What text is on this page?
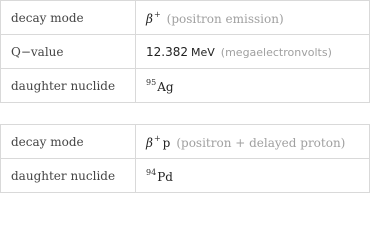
decay mode	β+ (positron emission)
Q−value	12.382 MeV (megaelectronvolts)
daughter nuclide	$^{95}$Ag
decay mode	β+ p (positron + delayed proton)
daughter nuclide	$^{94}$Pd
